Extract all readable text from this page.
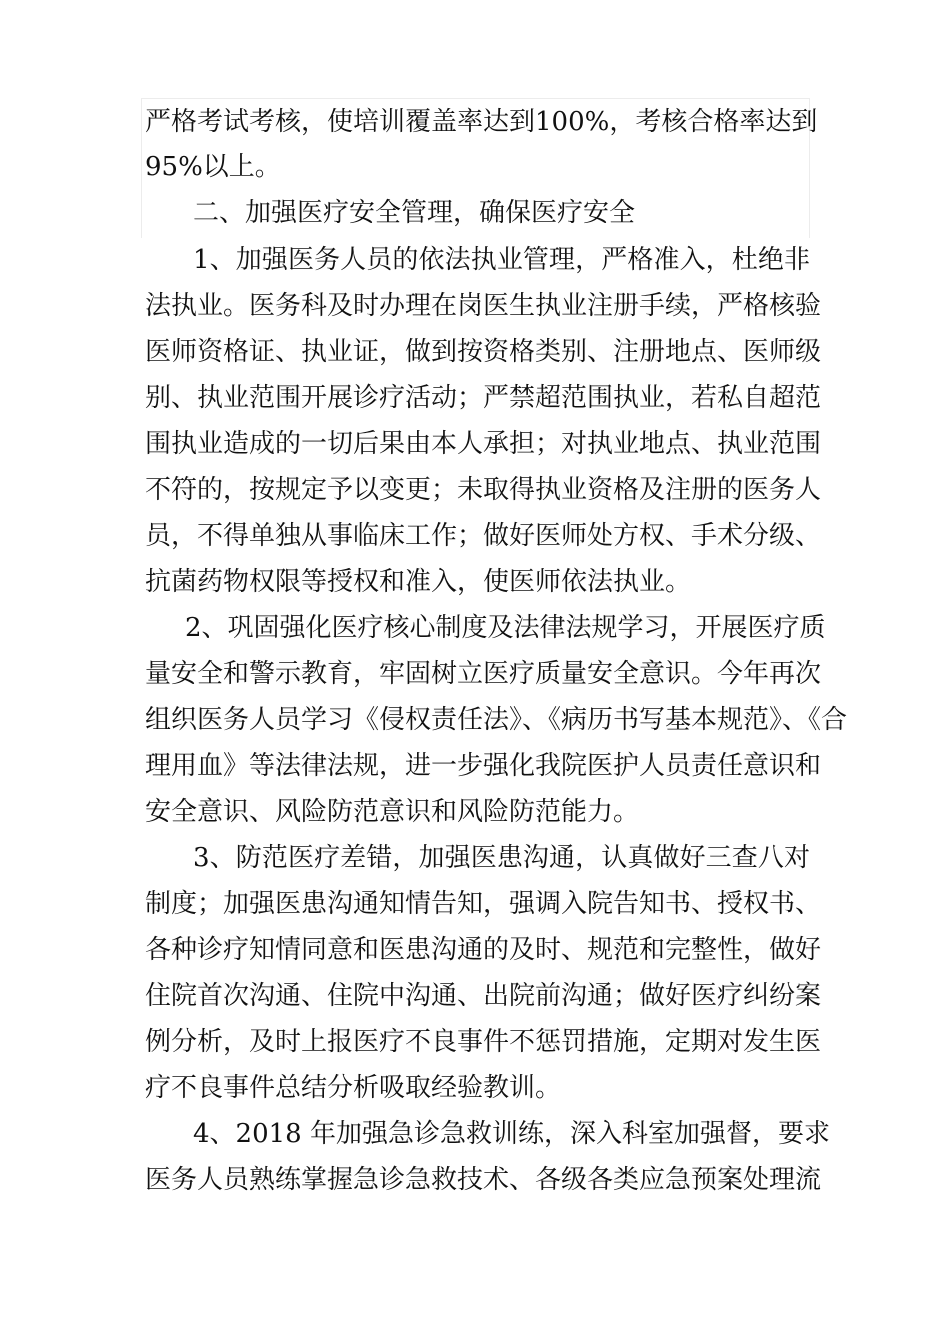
严格考试考核，使培训覆盖率达到100%，考核合格率达到
95%以上。
二、加强医疗安全管理，确保医疗安全
1、加强医务人员的依法执业管理，严格准入，杜绝非
法执业。医务科及时办理在岗医生执业注册手续，严格核验
医师资格证、执业证，做到按资格类别、注册地点、医师级
别、执业范围开展诊疗活动；严禁超范围执业，若私自超范
围执业造成的一切后果由本人承担；对执业地点、执业范围
不符的，按规定予以变更；未取得执业资格及注册的医务人
员，不得单独从事临床工作；做好医师处方权、手术分级、
抗菌药物权限等授权和准入，使医师依法执业。
2、巩固强化医疗核心制度及法律法规学习，开展医疗质
量安全和警示教育，牢固树立医疗质量安全意识。今年再次
组织医务人员学习《侵权责任法》、《病历书写基本规范》、《合
理用血》等法律法规，进一步强化我院医护人员责任意识和
安全意识、风险防范意识和风险防范能力。
3、防范医疗差错，加强医患沟通，认真做好三查八对
制度；加强医患沟通知情告知，强调入院告知书、授权书、
各种诊疗知情同意和医患沟通的及时、规范和完整性，做好
住院首次沟通、住院中沟通、出院前沟通；做好医疗纠纷案
例分析，及时上报医疗不良事件不惩罚措施，定期对发生医
疗不良事件总结分析吸取经验教训。
4、2018 年加强急诊急救训练，深入科室加强督，要求
医务人员熟练掌握急诊急救技术、各级各类应急预案处理流
